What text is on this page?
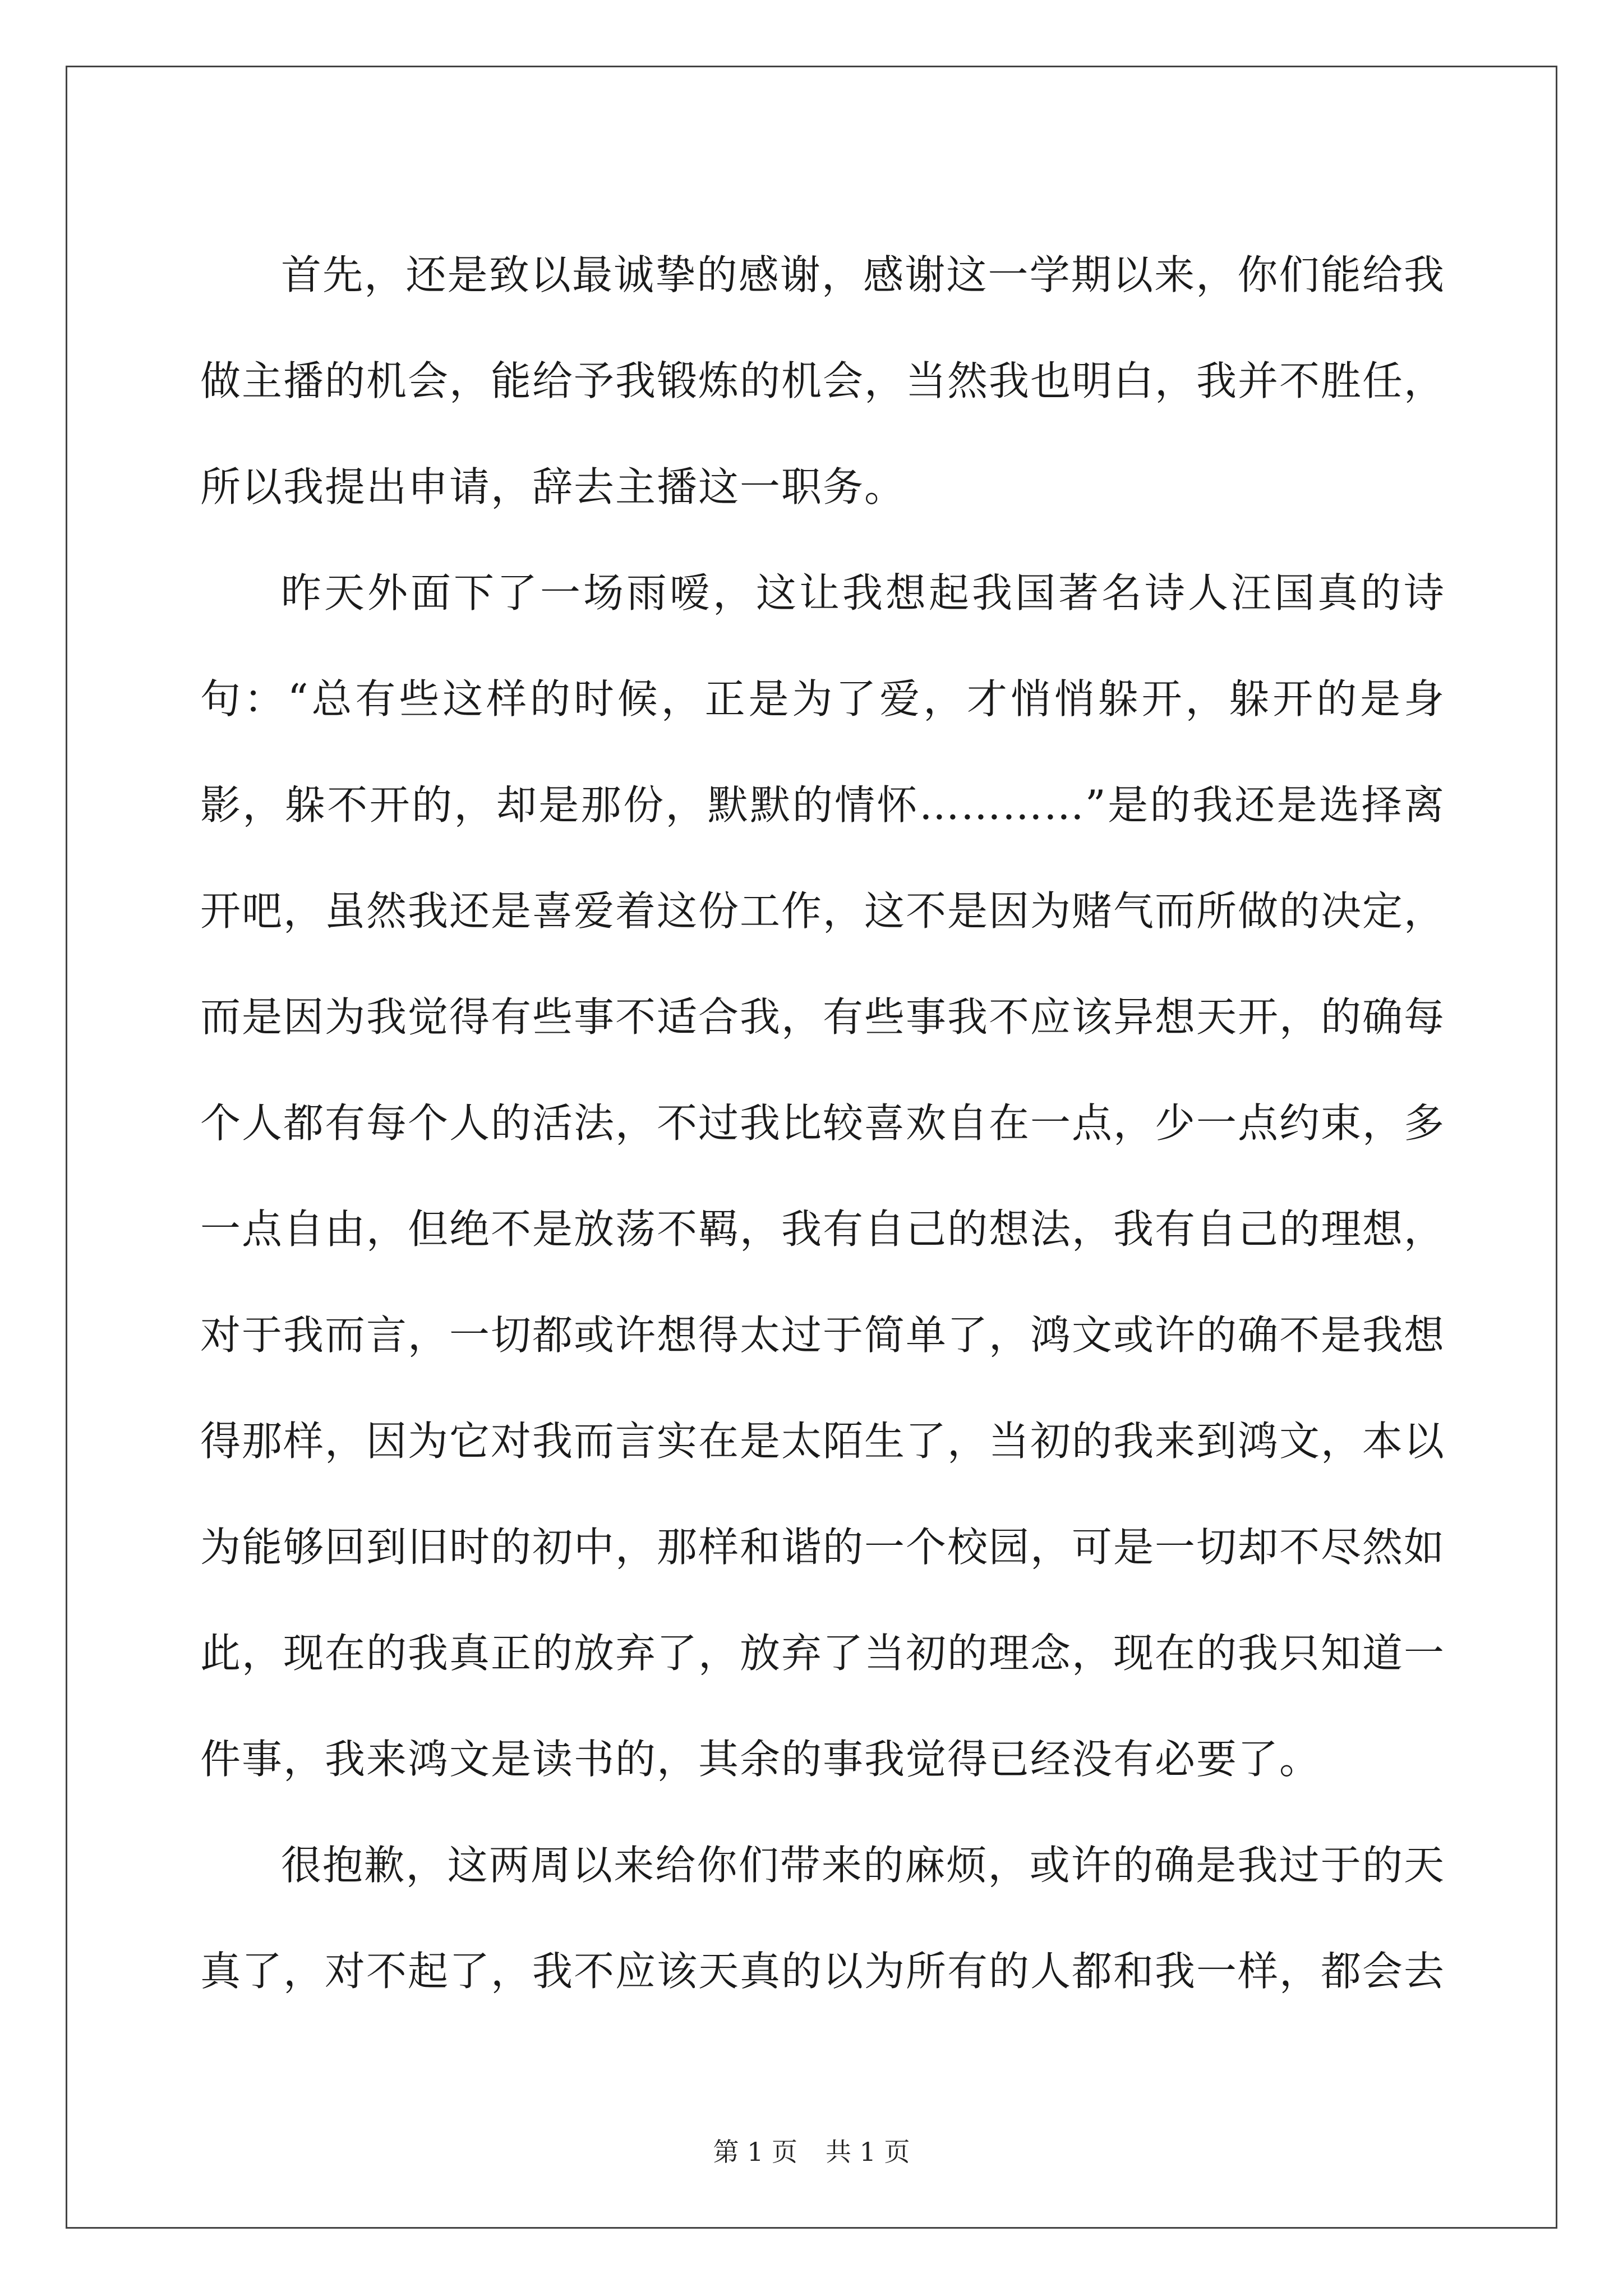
首先，还是致以最诚挚的感谢，感谢这一学期以来，你们能给我做主播的机会，能给予我锻炼的机会，当然我也明白，我并不胜任，所以我提出申请，辞去主播这一职务。

昨天外面下了一场雨嗳，这让我想起我国著名诗人汪国真的诗句：“总有些这样的时候，正是为了爱，才悄悄躲开，躲开的是身影，躲不开的，却是那份，默默的情怀…………”是的我还是选择离开吧，虽然我还是喜爱着这份工作，这不是因为赌气而所做的决定，而是因为我觉得有些事不适合我，有些事我不应该异想天开，的确每个人都有每个人的活法，不过我比较喜欢自在一点，少一点约束，多一点自由，但绝不是放荡不羁，我有自己的想法，我有自己的理想，对于我而言，一切都或许想得太过于简单了，鸿文或许的确不是我想得那样，因为它对我而言实在是太陌生了，当初的我来到鸿文，本以为能够回到旧时的初中，那样和谐的一个校园，可是一切却不尽然如此，现在的我真正的放弃了，放弃了当初的理念，现在的我只知道一件事，我来鸿文是读书的，其余的事我觉得已经没有必要了。

很抱歉，这两周以来给你们带来的麻烦，或许的确是我过于的天真了，对不起了，我不应该天真的以为所有的人都和我一样，都会去

第 1 页 共 1 页
